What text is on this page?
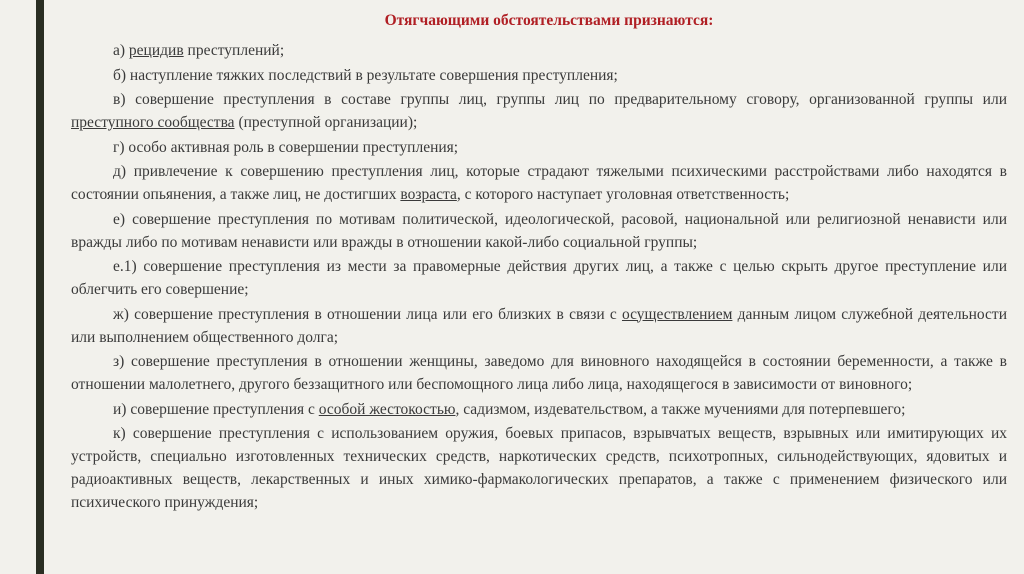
Отягчающими обстоятельствами признаются:

а) рецидив преступлений;

б) наступление тяжких последствий в результате совершения преступления;

в) совершение преступления в составе группы лиц, группы лиц по предварительному сговору, организованной группы или преступного сообщества (преступной организации);

г) особо активная роль в совершении преступления;

д) привлечение к совершению преступления лиц, которые страдают тяжелыми психическими расстройствами либо находятся в состоянии опьянения, а также лиц, не достигших возраста, с которого наступает уголовная ответственность;

е) совершение преступления по мотивам политической, идеологической, расовой, национальной или религиозной ненависти или вражды либо по мотивам ненависти или вражды в отношении какой-либо социальной группы;

е.1) совершение преступления из мести за правомерные действия других лиц, а также с целью скрыть другое преступление или облегчить его совершение;

ж) совершение преступления в отношении лица или его близких в связи с осуществлением данным лицом служебной деятельности или выполнением общественного долга;

з) совершение преступления в отношении женщины, заведомо для виновного находящейся в состоянии беременности, а также в отношении малолетнего, другого беззащитного или беспомощного лица либо лица, находящегося в зависимости от виновного;

и) совершение преступления с особой жестокостью, садизмом, издевательством, а также мучениями для потерпевшего;

к) совершение преступления с использованием оружия, боевых припасов, взрывчатых веществ, взрывных или имитирующих их устройств, специально изготовленных технических средств, наркотических средств, психотропных, сильнодействующих, ядовитых и радиоактивных веществ, лекарственных и иных химико-фармакологических препаратов, а также с применением физического или психического принуждения;
